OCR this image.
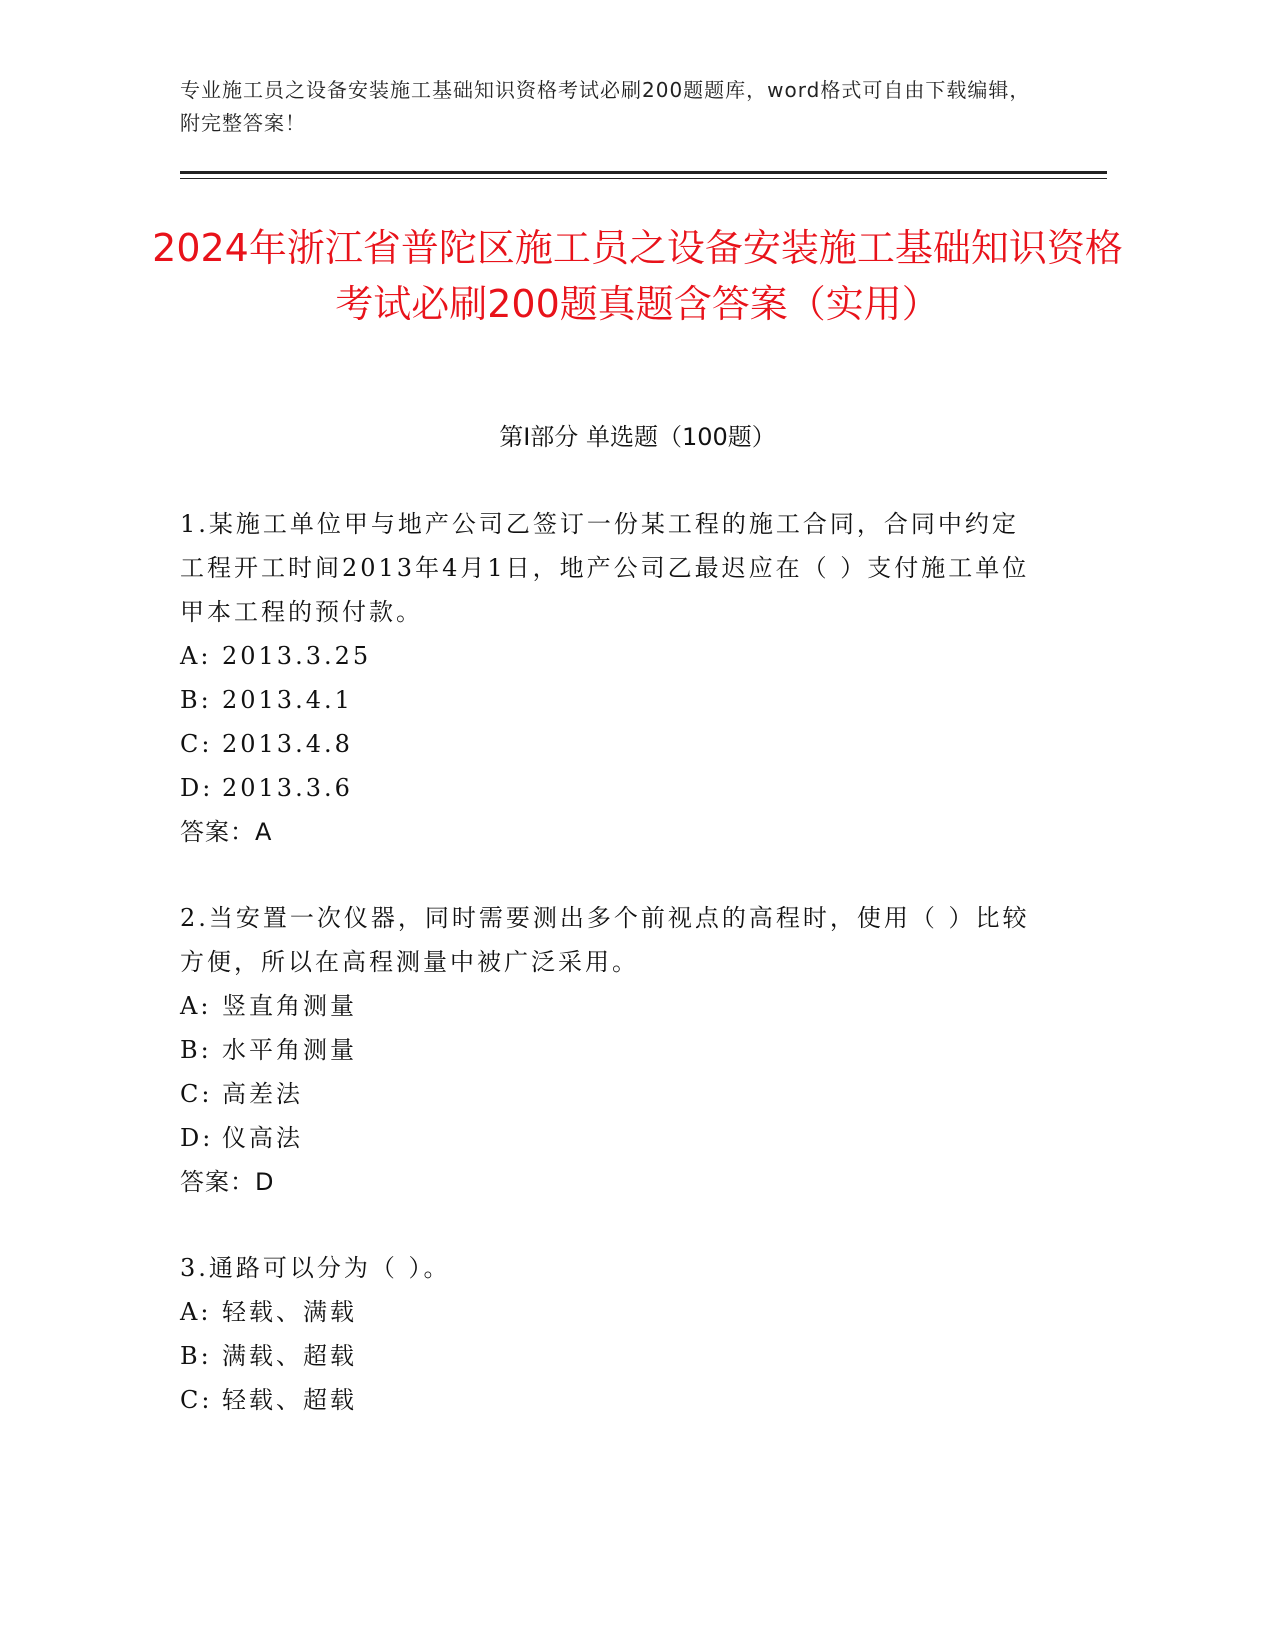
专业施工员之设备安装施工基础知识资格考试必刷200题题库，word格式可自由下载编辑，附完整答案！

2024年浙江省普陀区施工员之设备安装施工基础知识资格考试必刷200题真题含答案（实用）
第I部分 单选题（100题）

1.某施工单位甲与地产公司乙签订一份某工程的施工合同，合同中约定工程开工时间2013年4月1日，地产公司乙最迟应在（ ）支付施工单位甲本工程的预付款。

A: 2013.3.25
B: 2013.4.1
C: 2013.4.8
D: 2013.3.6

答案：A

2.当安置一次仪器，同时需要测出多个前视点的高程时，使用（ ）比较方便，所以在高程测量中被广泛采用。

A: 竖直角测量
B: 水平角测量
C: 高差法
D: 仪高法

答案：D

3.通路可以分为（ ）。

A: 轻载、满载
B: 满载、超载
C: 轻载、超载
